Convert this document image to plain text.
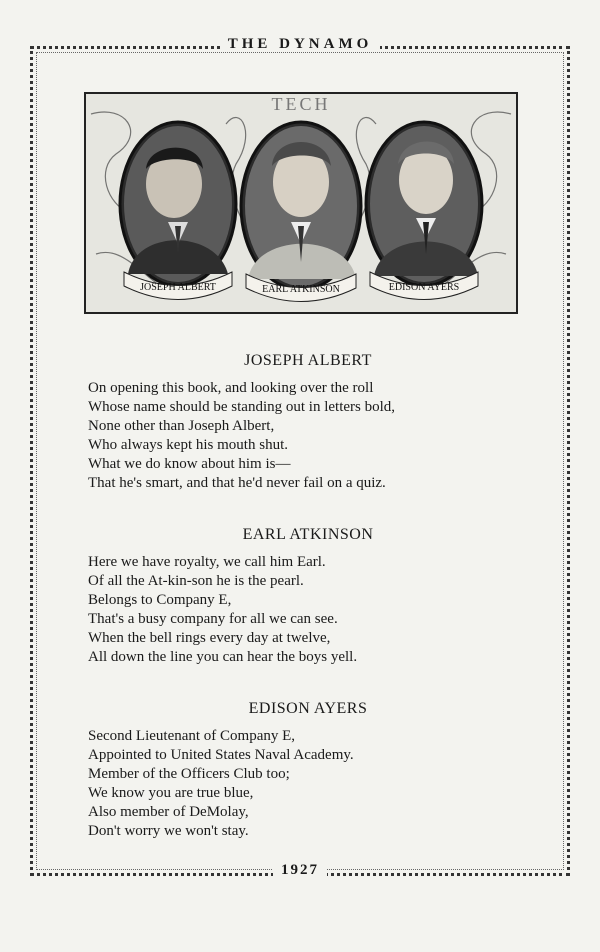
THE DYNAMO
TECH
JOSEPH ALBERT	EARL ATKINSON	EDISON AYERS
JOSEPH ALBERT

On opening this book, and looking over the roll

Whose name should be standing out in letters bold,

None other than Joseph Albert,

Who always kept his mouth shut.

What we do know about him is—

That he's smart, and that he'd never fail on a quiz.

EARL ATKINSON

Here we have royalty, we call him Earl.

Of all the At-kin-son he is the pearl.

Belongs to Company E,

That's a busy company for all we can see.

When the bell rings every day at twelve,

All down the line you can hear the boys yell.

EDISON AYERS

Second Lieutenant of Company E,

Appointed to United States Naval Academy.

Member of the Officers Club too;

We know you are true blue,

Also member of DeMolay,

Don't worry we won't stay.

1927
